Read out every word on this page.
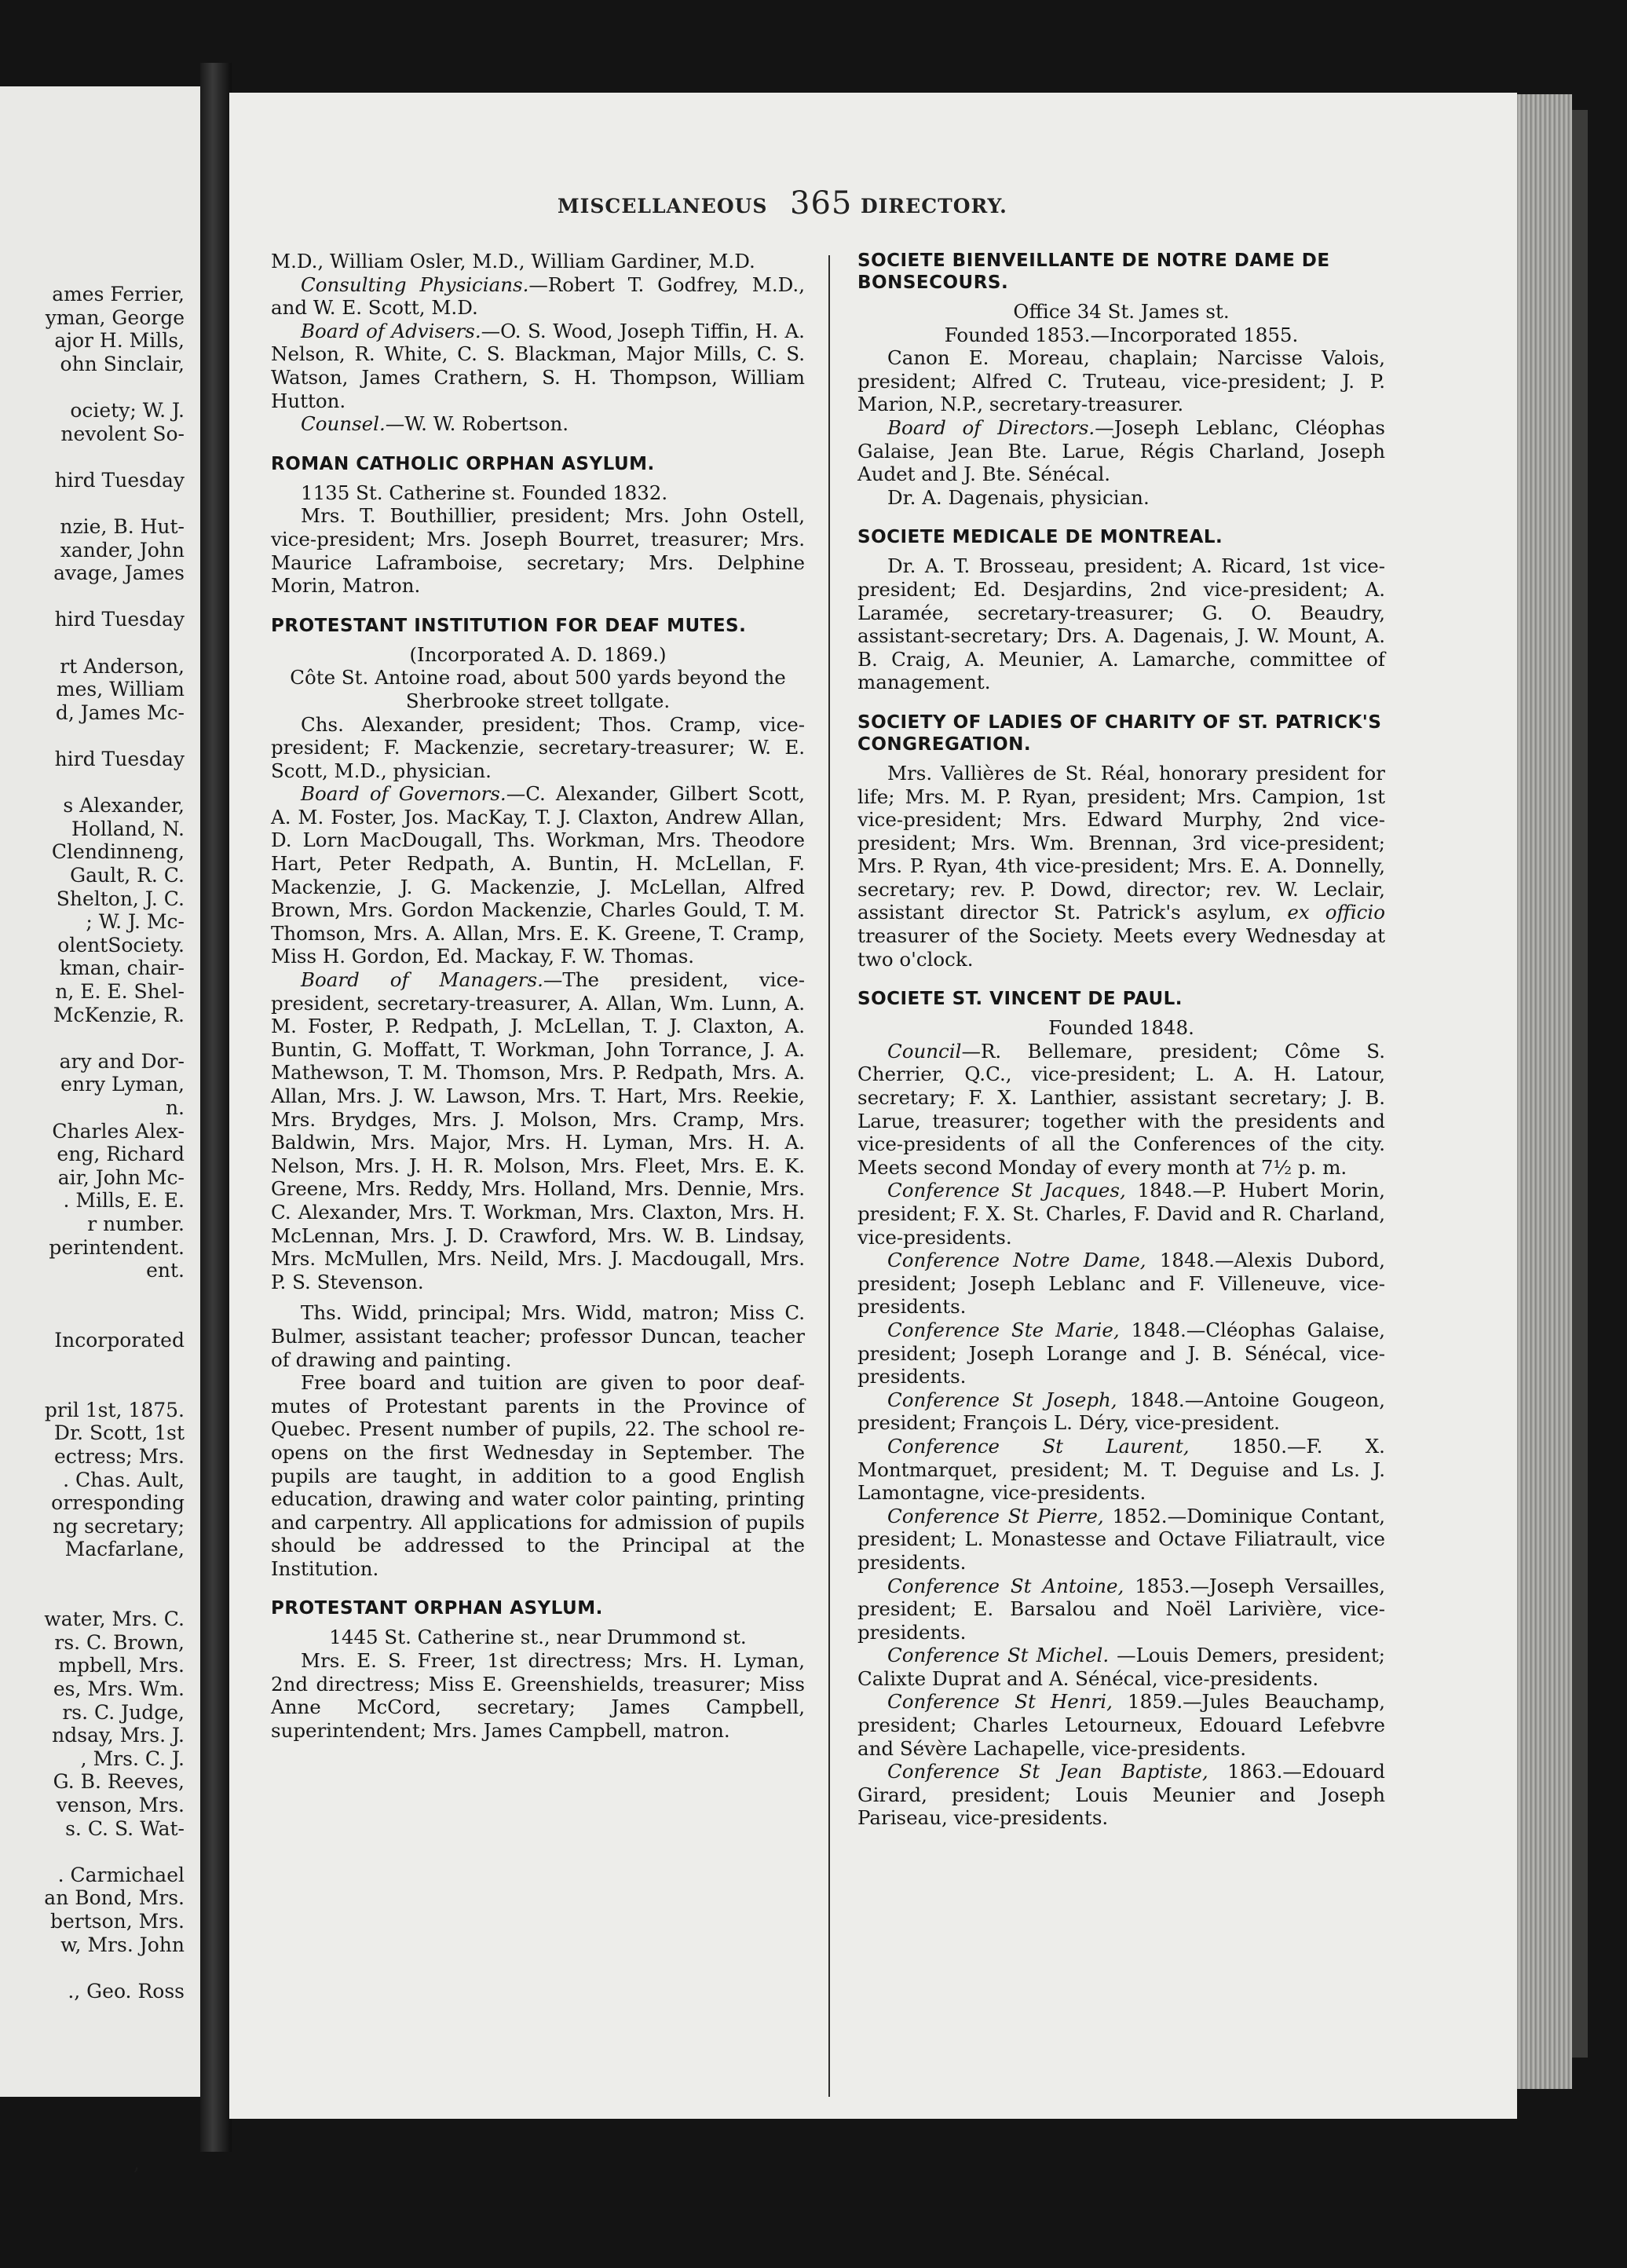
ames Ferrier,
yman, George
ajor H. Mills,
ohn Sinclair,
ociety; W. J.
nevolent So-
hird Tuesday
nzie, B. Hut-
xander, John
avage, James
hird Tuesday
rt Anderson,
mes, William
d, James Mc-
hird Tuesday
s Alexander,
Holland, N.
Clendinneng,
Gault, R. C.
Shelton, J. C.
; W. J. Mc-
olentSociety.
kman, chair-
n, E. E. Shel-
McKenzie, R.
ary and Dor-
enry Lyman,
n.
Charles Alex-
eng, Richard
air, John Mc-
. Mills, E. E.
r number.
perintendent.
ent.
Incorporated
pril 1st, 1875.
Dr. Scott, 1st
ectress; Mrs.
. Chas. Ault,
orresponding
ng secretary;
Macfarlane,
water, Mrs. C.
rs. C. Brown,
mpbell, Mrs.
es, Mrs. Wm.
rs. C. Judge,
ndsay, Mrs. J.
, Mrs. C. J.
G. B. Reeves,
venson, Mrs.
s. C. S. Wat-
. Carmichael
an Bond, Mrs.
bertson, Mrs.
w, Mrs. John
., Geo. Ross
,
MISCELLANEOUS 365 DIRECTORY.

M.D., William Osler, M.D., William Gardiner, M.D.

Consulting Physicians.—Robert T. Godfrey, M.D., and W. E. Scott, M.D.

Board of Advisers.—O. S. Wood, Joseph Tiffin, H. A. Nelson, R. White, C. S. Blackman, Major Mills, C. S. Watson, James Crathern, S. H. Thompson, William Hutton.

Counsel.—W. W. Robertson.

ROMAN CATHOLIC ORPHAN ASYLUM.

1135 St. Catherine st. Founded 1832.

Mrs. T. Bouthillier, president; Mrs. John Ostell, vice-president; Mrs. Joseph Bourret, treasurer; Mrs. Maurice Laframboise, secretary; Mrs. Delphine Morin, Matron.

PROTESTANT INSTITUTION FOR DEAF MUTES.

(Incorporated A. D. 1869.)

Côte St. Antoine road, about 500 yards beyond the Sherbrooke street tollgate.

Chs. Alexander, president; Thos. Cramp, vice-president; F. Mackenzie, secretary-treasurer; W. E. Scott, M.D., physician.

Board of Governors.—C. Alexander, Gilbert Scott, A. M. Foster, Jos. MacKay, T. J. Claxton, Andrew Allan, D. Lorn MacDougall, Ths. Workman, Mrs. Theodore Hart, Peter Redpath, A. Buntin, H. McLellan, F. Mackenzie, J. G. Mackenzie, J. McLellan, Alfred Brown, Mrs. Gordon Mackenzie, Charles Gould, T. M. Thomson, Mrs. A. Allan, Mrs. E. K. Greene, T. Cramp, Miss H. Gordon, Ed. Mackay, F. W. Thomas.

Board of Managers.—The president, vice-president, secretary-treasurer, A. Allan, Wm. Lunn, A. M. Foster, P. Redpath, J. McLellan, T. J. Claxton, A. Buntin, G. Moffatt, T. Workman, John Torrance, J. A. Mathewson, T. M. Thomson, Mrs. P. Redpath, Mrs. A. Allan, Mrs. J. W. Lawson, Mrs. T. Hart, Mrs. Reekie, Mrs. Brydges, Mrs. J. Molson, Mrs. Cramp, Mrs. Baldwin, Mrs. Major, Mrs. H. Lyman, Mrs. H. A. Nelson, Mrs. J. H. R. Molson, Mrs. Fleet, Mrs. E. K. Greene, Mrs. Reddy, Mrs. Holland, Mrs. Dennie, Mrs. C. Alexander, Mrs. T. Workman, Mrs. Claxton, Mrs. H. McLennan, Mrs. J. D. Crawford, Mrs. W. B. Lindsay, Mrs. McMullen, Mrs. Neild, Mrs. J. Macdougall, Mrs. P. S. Stevenson.

Ths. Widd, principal; Mrs. Widd, matron; Miss C. Bulmer, assistant teacher; professor Duncan, teacher of drawing and painting.

Free board and tuition are given to poor deaf-mutes of Protestant parents in the Province of Quebec. Present number of pupils, 22. The school re-opens on the first Wednesday in September. The pupils are taught, in addition to a good English education, drawing and water color painting, printing and carpentry. All applications for admission of pupils should be addressed to the Principal at the Institution.

PROTESTANT ORPHAN ASYLUM.

1445 St. Catherine st., near Drummond st.

Mrs. E. S. Freer, 1st directress; Mrs. H. Lyman, 2nd directress; Miss E. Greenshields, treasurer; Miss Anne McCord, secretary; James Campbell, superintendent; Mrs. James Campbell, matron.

SOCIETE BIENVEILLANTE DE NOTRE DAME DE BONSECOURS.

Office 34 St. James st.

Founded 1853.—Incorporated 1855.

Canon E. Moreau, chaplain; Narcisse Valois, president; Alfred C. Truteau, vice-president; J. P. Marion, N.P., secretary-treasurer.

Board of Directors.—Joseph Leblanc, Cléophas Galaise, Jean Bte. Larue, Régis Charland, Joseph Audet and J. Bte. Sénécal.

Dr. A. Dagenais, physician.

SOCIETE MEDICALE DE MONTREAL.

Dr. A. T. Brosseau, president; A. Ricard, 1st vice-president; Ed. Desjardins, 2nd vice-president; A. Laramée, secretary-treasurer; G. O. Beaudry, assistant-secretary; Drs. A. Dagenais, J. W. Mount, A. B. Craig, A. Meunier, A. Lamarche, committee of management.

SOCIETY OF LADIES OF CHARITY OF ST. PATRICK'S CONGREGATION.

Mrs. Vallières de St. Réal, honorary president for life; Mrs. M. P. Ryan, president; Mrs. Campion, 1st vice-president; Mrs. Edward Murphy, 2nd vice-president; Mrs. Wm. Brennan, 3rd vice-president; Mrs. P. Ryan, 4th vice-president; Mrs. E. A. Donnelly, secretary; rev. P. Dowd, director; rev. W. Leclair, assistant director St. Patrick's asylum, ex officio treasurer of the Society. Meets every Wednesday at two o'clock.

SOCIETE ST. VINCENT DE PAUL.

Founded 1848.

Council—R. Bellemare, president; Côme S. Cherrier, Q.C., vice-president; L. A. H. Latour, secretary; F. X. Lanthier, assistant secretary; J. B. Larue, treasurer; together with the presidents and vice-presidents of all the Conferences of the city. Meets second Monday of every month at 7½ p. m.

Conference St Jacques, 1848.—P. Hubert Morin, president; F. X. St. Charles, F. David and R. Charland, vice-presidents.

Conference Notre Dame, 1848.—Alexis Dubord, president; Joseph Leblanc and F. Villeneuve, vice-presidents.

Conference Ste Marie, 1848.—Cléophas Galaise, president; Joseph Lorange and J. B. Sénécal, vice-presidents.

Conference St Joseph, 1848.—Antoine Gougeon, president; François L. Déry, vice-president.

Conference St Laurent, 1850.—F. X. Montmarquet, president; M. T. Deguise and Ls. J. Lamontagne, vice-presidents.

Conference St Pierre, 1852.—Dominique Contant, president; L. Monastesse and Octave Filiatrault, vice presidents.

Conference St Antoine, 1853.—Joseph Versailles, president; E. Barsalou and Noël Larivière, vice-presidents.

Conference St Michel. —Louis Demers, president; Calixte Duprat and A. Sénécal, vice-presidents.

Conference St Henri, 1859.—Jules Beauchamp, president; Charles Letourneux, Edouard Lefebvre and Sévère Lachapelle, vice-presidents.

Conference St Jean Baptiste, 1863.—Edouard Girard, president; Louis Meunier and Joseph Pariseau, vice-presidents.
